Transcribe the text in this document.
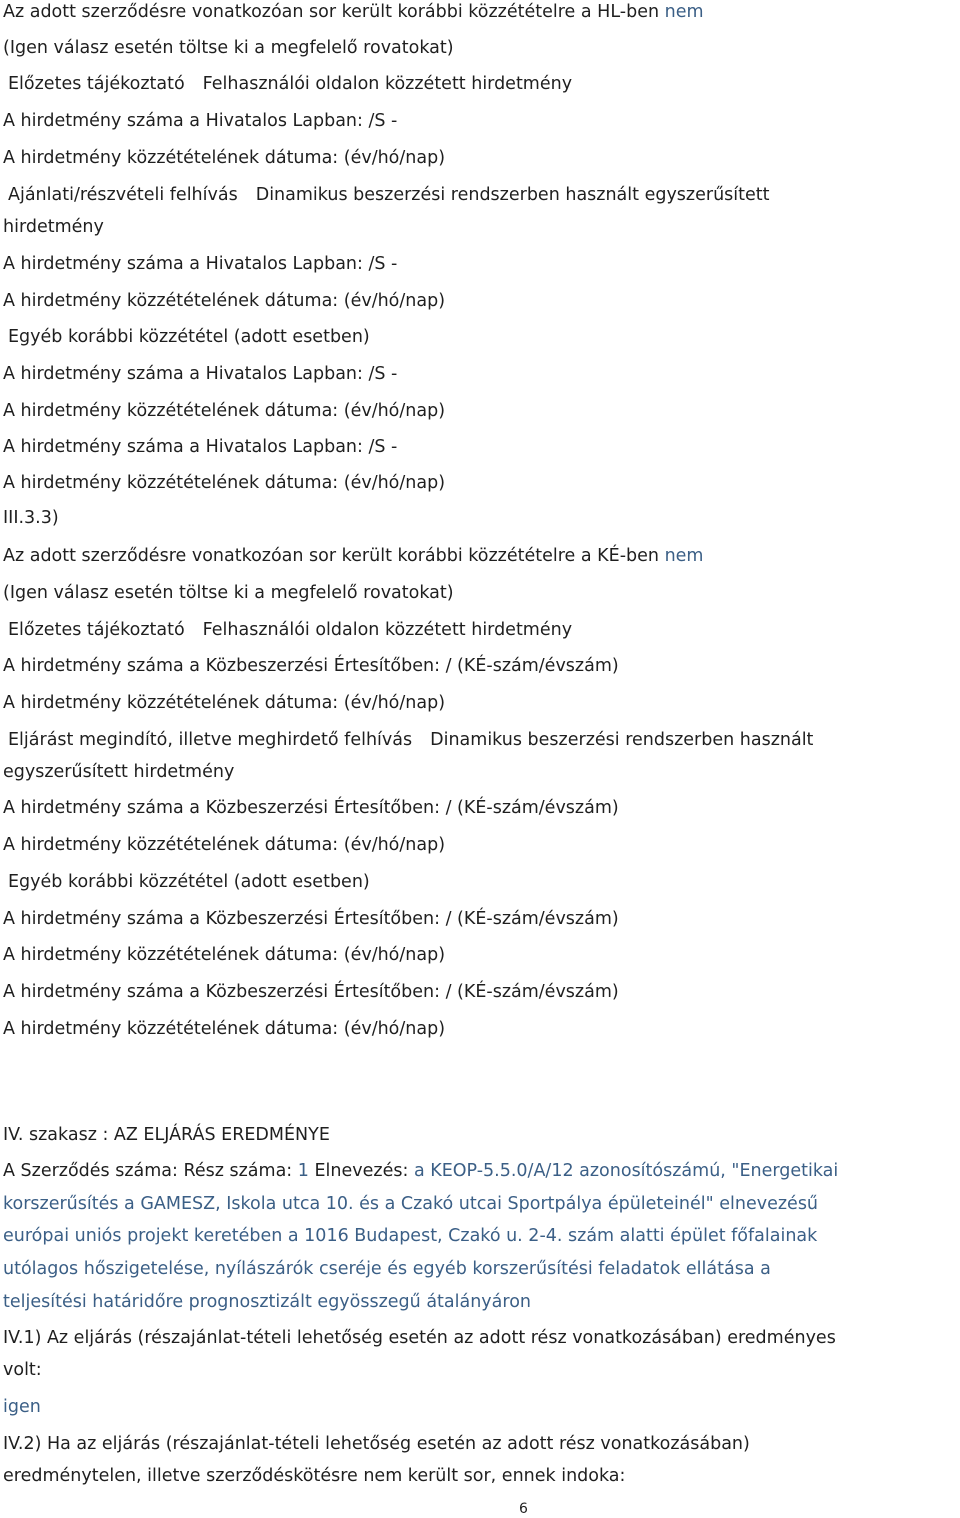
Az adott szerződésre vonatkozóan sor került korábbi közzétételre a HL-ben nem
(Igen válasz esetén töltse ki a megfelelő rovatokat)
Előzetes tájékoztató Felhasználói oldalon közzétett hirdetmény
A hirdetmény száma a Hivatalos Lapban: /S -
A hirdetmény közzétételének dátuma: (év/hó/nap)
Ajánlati/részvételi felhívás Dinamikus beszerzési rendszerben használt egyszerűsített
hirdetmény
A hirdetmény száma a Hivatalos Lapban: /S -
A hirdetmény közzétételének dátuma: (év/hó/nap)
Egyéb korábbi közzététel (adott esetben)
A hirdetmény száma a Hivatalos Lapban: /S -
A hirdetmény közzétételének dátuma: (év/hó/nap)
A hirdetmény száma a Hivatalos Lapban: /S -
A hirdetmény közzétételének dátuma: (év/hó/nap)
III.3.3)
Az adott szerződésre vonatkozóan sor került korábbi közzétételre a KÉ-ben nem
(Igen válasz esetén töltse ki a megfelelő rovatokat)
Előzetes tájékoztató Felhasználói oldalon közzétett hirdetmény
A hirdetmény száma a Közbeszerzési Értesítőben: / (KÉ-szám/évszám)
A hirdetmény közzétételének dátuma: (év/hó/nap)
Eljárást megindító, illetve meghirdető felhívás Dinamikus beszerzési rendszerben használt
egyszerűsített hirdetmény
A hirdetmény száma a Közbeszerzési Értesítőben: / (KÉ-szám/évszám)
A hirdetmény közzétételének dátuma: (év/hó/nap)
Egyéb korábbi közzététel (adott esetben)
A hirdetmény száma a Közbeszerzési Értesítőben: / (KÉ-szám/évszám)
A hirdetmény közzétételének dátuma: (év/hó/nap)
A hirdetmény száma a Közbeszerzési Értesítőben: / (KÉ-szám/évszám)
A hirdetmény közzétételének dátuma: (év/hó/nap)
IV. szakasz : AZ ELJÁRÁS EREDMÉNYE
A Szerződés száma: Rész száma: 1 Elnevezés: a KEOP-5.5.0/A/12 azonosítószámú, "Energetikai
korszerűsítés a GAMESZ, Iskola utca 10. és a Czakó utcai Sportpálya épületeinél" elnevezésű
európai uniós projekt keretében a 1016 Budapest, Czakó u. 2-4. szám alatti épület főfalainak
utólagos hőszigetelése, nyílászárók cseréje és egyéb korszerűsítési feladatok ellátása a
teljesítési határidőre prognosztizált egyösszegű átalányáron
IV.1) Az eljárás (részajánlat-tételi lehetőség esetén az adott rész vonatkozásában) eredményes
volt:
igen
IV.2) Ha az eljárás (részajánlat-tételi lehetőség esetén az adott rész vonatkozásában)
eredménytelen, illetve szerződéskötésre nem került sor, ennek indoka:
6
